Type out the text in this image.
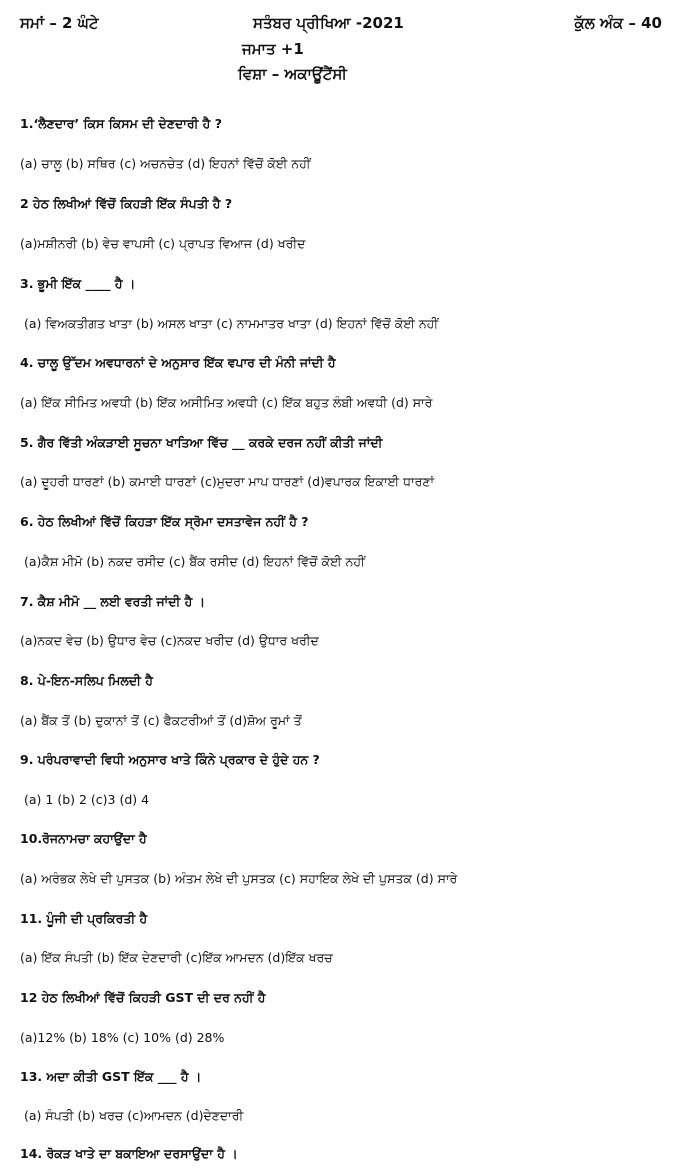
ਸਮਾਂ – 2 ਘੰਟੇ	ਸਤੰਬਰ ਪ੍ਰੀਖਿਆ -2021	ਕੁੱਲ ਅੰਕ – 40
ਜਮਾਤ +1
ਵਿਸ਼ਾ – ਅਕਾਊਂਟੈਂਸੀ
1.‘ਲੈਣਦਾਰ’ ਕਿਸ ਕਿਸਮ ਦੀ ਦੇਣਦਾਰੀ ਹੈ ?
(a) ਚਾਲੂ (b) ਸਥਿਰ (c) ਅਚਨਚੇਤ (d) ਇਹਨਾਂ ਵਿੱਚੋਂ ਕੋਈ ਨਹੀਂ
2 ਹੇਠ ਲਿਖੀਆਂ ਵਿੱਚੋਂ ਕਿਹੜੀ ਇੱਕ ਸੰਪਤੀ ਹੈ ?
(a)ਮਸ਼ੀਨਰੀ (b) ਵੇਚ ਵਾਪਸੀ (c) ਪ੍ਰਾਪਤ ਵਿਆਜ (d) ਖਰੀਦ
3. ਭੂਮੀ ਇੱਕ ____ ਹੈ ।
(a) ਵਿਅਕਤੀਗਤ ਖਾਤਾ (b) ਅਸਲ ਖਾਤਾ (c) ਨਾਮਮਾਤਰ ਖਾਤਾ (d) ਇਹਨਾਂ ਵਿੱਚੋਂ ਕੋਈ ਨਹੀਂ
4. ਚਾਲੂ ਉੱਦਮ ਅਵਧਾਰਨਾਂ ਦੇ ਅਨੁਸਾਰ ਇੱਕ ਵਪਾਰ ਦੀ ਮੰਨੀ ਜਾਂਦੀ ਹੈ
(a) ਇੱਕ ਸੀਮਿਤ ਅਵਧੀ (b) ਇੱਕ ਅਸੀਮਿਤ ਅਵਧੀ (c) ਇੱਕ ਬਹੁਤ ਲੰਬੀ ਅਵਧੀ (d) ਸਾਰੇ
5. ਗੈਰ ਵਿੱਤੀ ਅੰਕੜਾਈ ਸੂਚਨਾ ਖਾਤਿਆ ਵਿੱਚ __ ਕਰਕੇ ਦਰਜ ਨਹੀਂ ਕੀਤੀ ਜਾਂਦੀ
(a) ਦੂਹਰੀ ਧਾਰਣਾਂ (b) ਕਮਾਈ ਧਾਰਣਾਂ (c)ਮੁਦਰਾ ਮਾਪ ਧਾਰਣਾਂ (d)ਵਪਾਰਕ ਇਕਾਈ ਧਾਰਣਾਂ
6. ਹੇਠ ਲਿਖੀਆਂ ਵਿੱਚੋਂ ਕਿਹੜਾ ਇੱਕ ਸ੍ਰੋਮਾ ਦਸਤਾਵੇਜ ਨਹੀਂ ਹੈ ?
(a)ਕੈਸ਼ ਮੀਮੋ (b) ਨਕਦ ਰਸੀਦ (c) ਬੈਂਕ ਰਸੀਦ (d) ਇਹਨਾਂ ਵਿੱਚੋਂ ਕੋਈ ਨਹੀਂ
7. ਕੈਸ਼ ਮੀਮੋ __ ਲਈ ਵਰਤੀ ਜਾਂਦੀ ਹੈ ।
(a)ਨਕਦ ਵੇਚ (b) ਉਧਾਰ ਵੇਚ (c)ਨਕਦ ਖਰੀਦ (d) ਉਧਾਰ ਖਰੀਦ
8. ਪੇ-ਇਨ-ਸਲਿਪ ਮਿਲਦੀ ਹੈ
(a) ਬੈਂਕ ਤੋਂ (b) ਦੁਕਾਨਾਂ ਤੋਂ (c) ਫੈਕਟਰੀਆਂ ਤੋਂ (d)ਸ਼ੋਅ ਰੂਮਾਂ ਤੋਂ
9. ਪਰੰਪਰਾਵਾਦੀ ਵਿਧੀ ਅਨੁਸਾਰ ਖਾਤੇ ਕਿੰਨੇ ਪ੍ਰਕਾਰ ਦੇ ਹੁੰਦੇ ਹਨ ?
(a) 1 (b) 2 (c)3 (d) 4
10.ਰੋਜਨਾਮਚਾ ਕਹਾਉਂਦਾ ਹੈ
(a) ਅਰੰਭਕ ਲੇਖੇ ਦੀ ਪੁਸਤਕ (b) ਅੰਤਮ ਲੇਖੇ ਦੀ ਪੁਸਤਕ (c) ਸਹਾਇਕ ਲੇਖੇ ਦੀ ਪੁਸਤਕ (d) ਸਾਰੇ
11. ਪੂੰਜੀ ਦੀ ਪ੍ਰਕਿਰਤੀ ਹੈ
(a) ਇੱਕ ਸੰਪਤੀ (b) ਇੱਕ ਦੇਣਦਾਰੀ (c)ਇੱਕ ਆਮਦਨ (d)ਇੱਕ ਖਰਚ
12 ਹੇਠ ਲਿਖੀਆਂ ਵਿੱਚੋਂ ਕਿਹੜੀ GST ਦੀ ਦਰ ਨਹੀਂ ਹੈ
(a)12% (b) 18% (c) 10% (d) 28%
13. ਅਦਾ ਕੀਤੀ GST ਇੱਕ ___ ਹੈ ।
(a) ਸੰਪਤੀ (b) ਖਰਚ (c)ਆਮਦਨ (d)ਦੇਣਦਾਰੀ
14. ਰੋਕੜ ਖਾਤੇ ਦਾ ਬਕਾਇਆ ਦਰਸਾਉਂਦਾ ਹੈ ।
